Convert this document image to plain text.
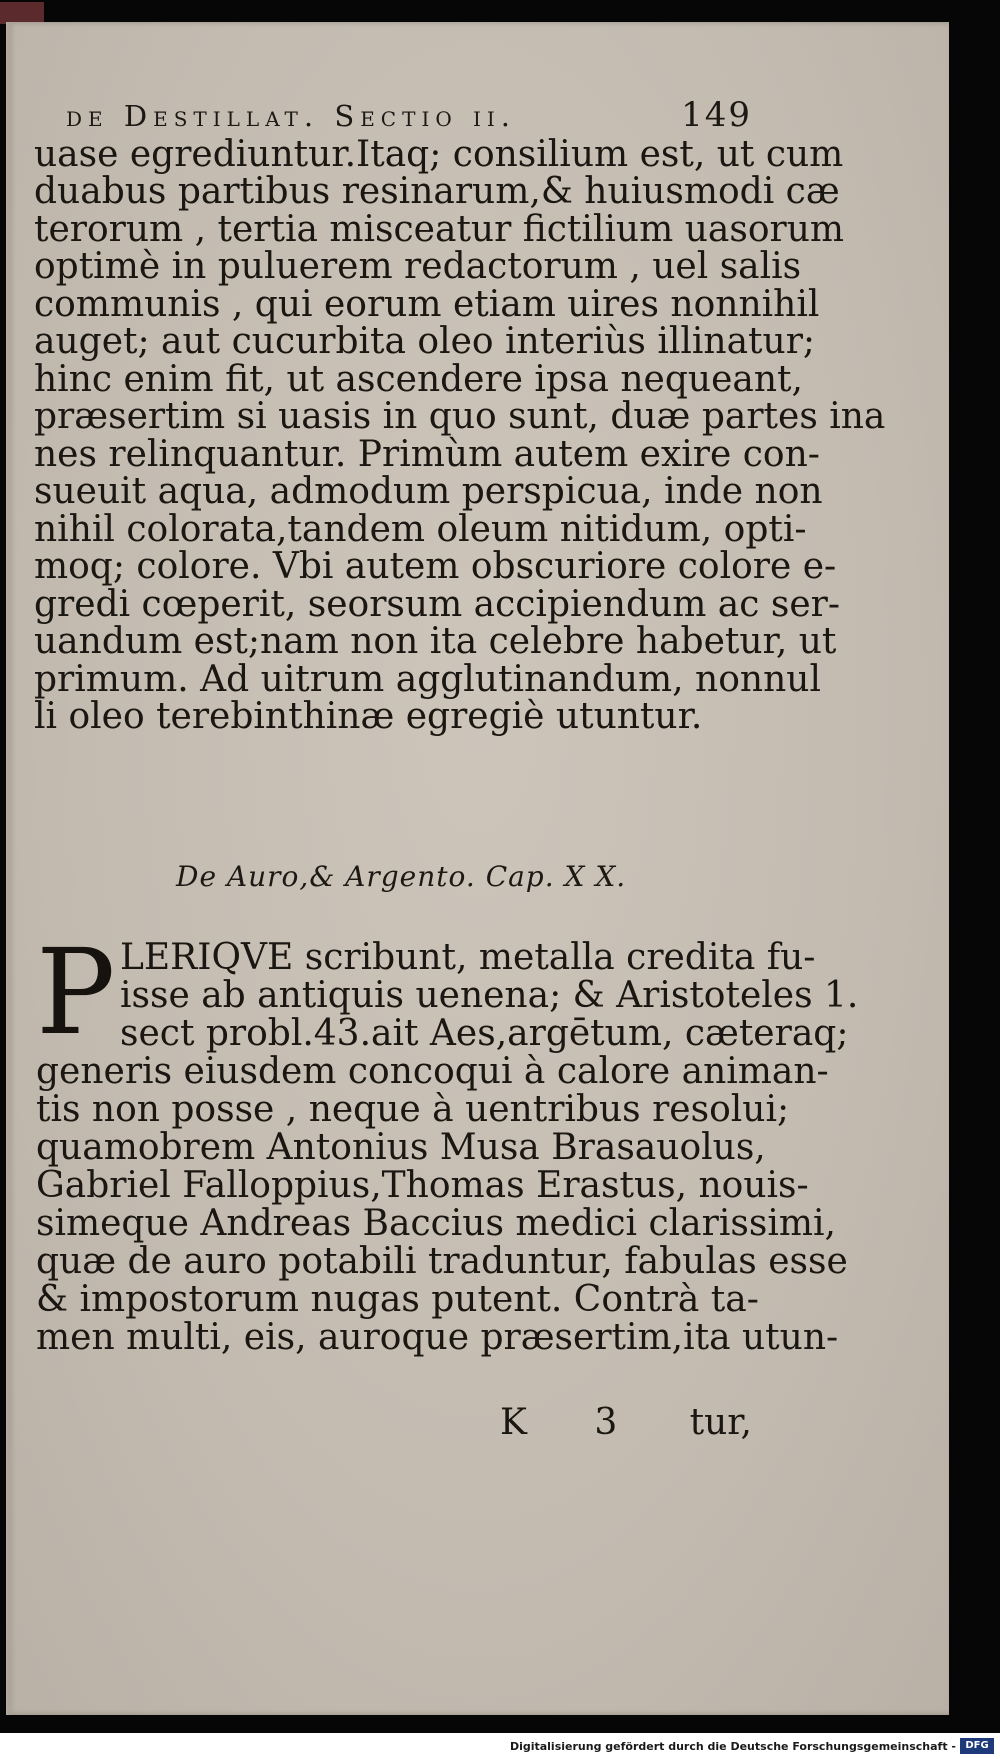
de Destillat. Sectio ii.	149
uase egrediuntur.Itaq; consilium est, ut cum
duabus partibus resinarum,& huiusmodi cæ
terorum , tertia misceatur fictilium uasorum
optimè in puluerem redactorum , uel salis
communis , qui eorum etiam uires nonnihil
auget; aut cucurbita oleo interiùs illinatur;
hinc enim fit, ut ascendere ipsa nequeant,
præsertim si uasis in quo sunt, duæ partes ina
nes relinquantur. Primùm autem exire con-
sueuit aqua, admodum perspicua, inde non
nihil colorata,tandem oleum nitidum, opti-
moq; colore. Vbi autem obscuriore colore e-
gredi cœperit, seorsum accipiendum ac ser-
uandum est;nam non ita celebre habetur, ut
primum. Ad uitrum agglutinandum, nonnul
li oleo terebinthinæ egregiè utuntur.
De Auro,& Argento. Cap. X X.
P LERIQVE scribunt, metalla credita fu-
isse ab antiquis uenena; & Aristoteles 1.
sect probl.43.ait Aes,argētum, cæteraq;
generis eiusdem concoqui à calore animan-
tis non posse , neque à uentribus resolui;
quamobrem Antonius Musa Brasauolus,
Gabriel Falloppius,Thomas Erastus, nouis-
simeque Andreas Baccius medici clarissimi,
quæ de auro potabili traduntur, fabulas esse
& impostorum nugas putent. Contrà ta-
men multi, eis, auroque præsertim,ita utun-
K 3 tur,
Digitalisierung gefördert durch die Deutsche Forschungsgemeinschaft - DFG
